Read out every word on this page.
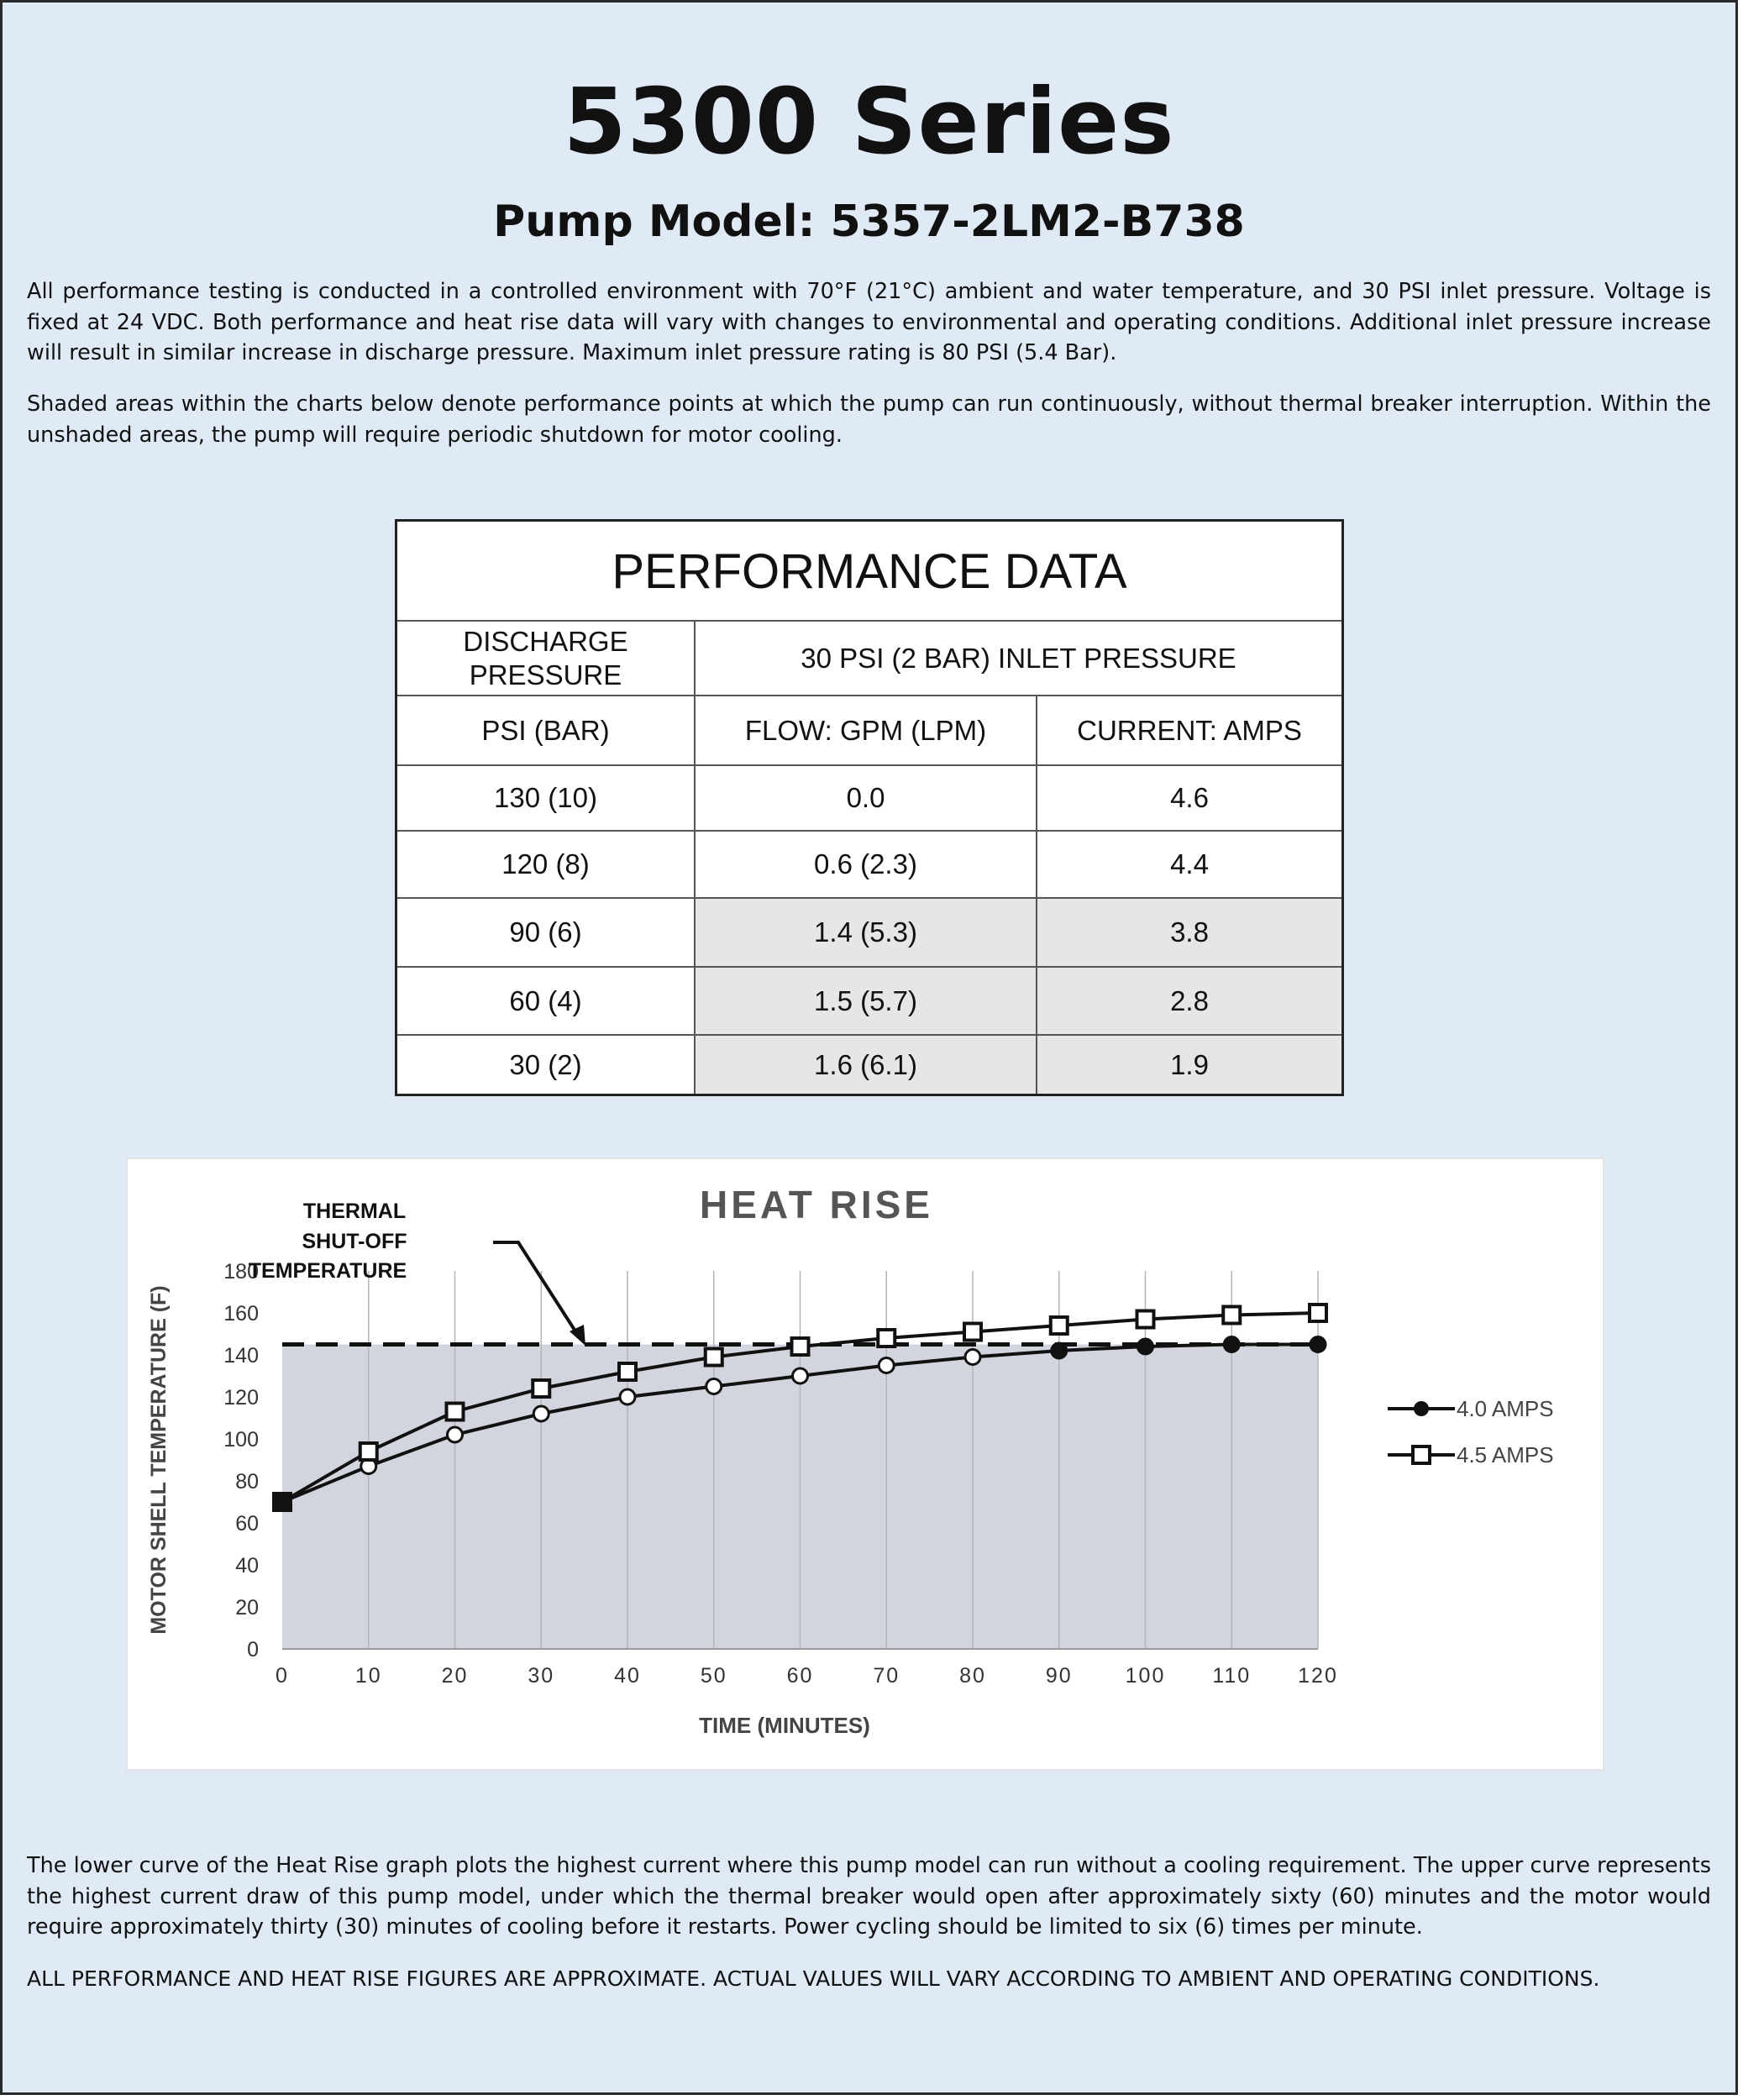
5300 Series
Pump Model: 5357-2LM2-B738
All performance testing is conducted in a controlled environment with 70°F (21°C) ambient and water temperature, and 30 PSI inlet pressure. Voltage is fixed at 24 VDC. Both performance and heat rise data will vary with changes to environmental and operating conditions. Additional inlet pressure increase will result in similar increase in discharge pressure. Maximum inlet pressure rating is 80 PSI (5.4 Bar).
Shaded areas within the charts below denote performance points at which the pump can run continuously, without thermal breaker interruption. Within the unshaded areas, the pump will require periodic shutdown for motor cooling.
PERFORMANCE DATA
DISCHARGE PRESSURE
30 PSI (2 BAR) INLET PRESSURE
PSI (BAR)	FLOW: GPM (LPM)	CURRENT: AMPS
130 (10)	0.0	4.6
120 (8)	0.6 (2.3)	4.4
90 (6)	1.4 (5.3)	3.8
60 (4)	1.5 (5.7)	2.8
30 (2)	1.6 (6.1)	1.9
0
20
40
60
80
100
120
140
160
180
0	10	20	30	40	50	60	70	80	90	100 110 120
HEAT RISE
TIME (MINUTES)
MOTOR SHELL TEMPERATURE (F)
THERMAL
SHUT-OFF
TEMPERATURE
4.0 AMPS
4.5 AMPS
The lower curve of the Heat Rise graph plots the highest current where this pump model can run without a cooling requirement. The upper curve represents the highest current draw of this pump model, under which the thermal breaker would open after approximately sixty (60) minutes and the motor would require approximately thirty (30) minutes of cooling before it restarts. Power cycling should be limited to six (6) times per minute.
ALL PERFORMANCE AND HEAT RISE FIGURES ARE APPROXIMATE. ACTUAL VALUES WILL VARY ACCORDING TO AMBIENT AND OPERATING CONDITIONS.
